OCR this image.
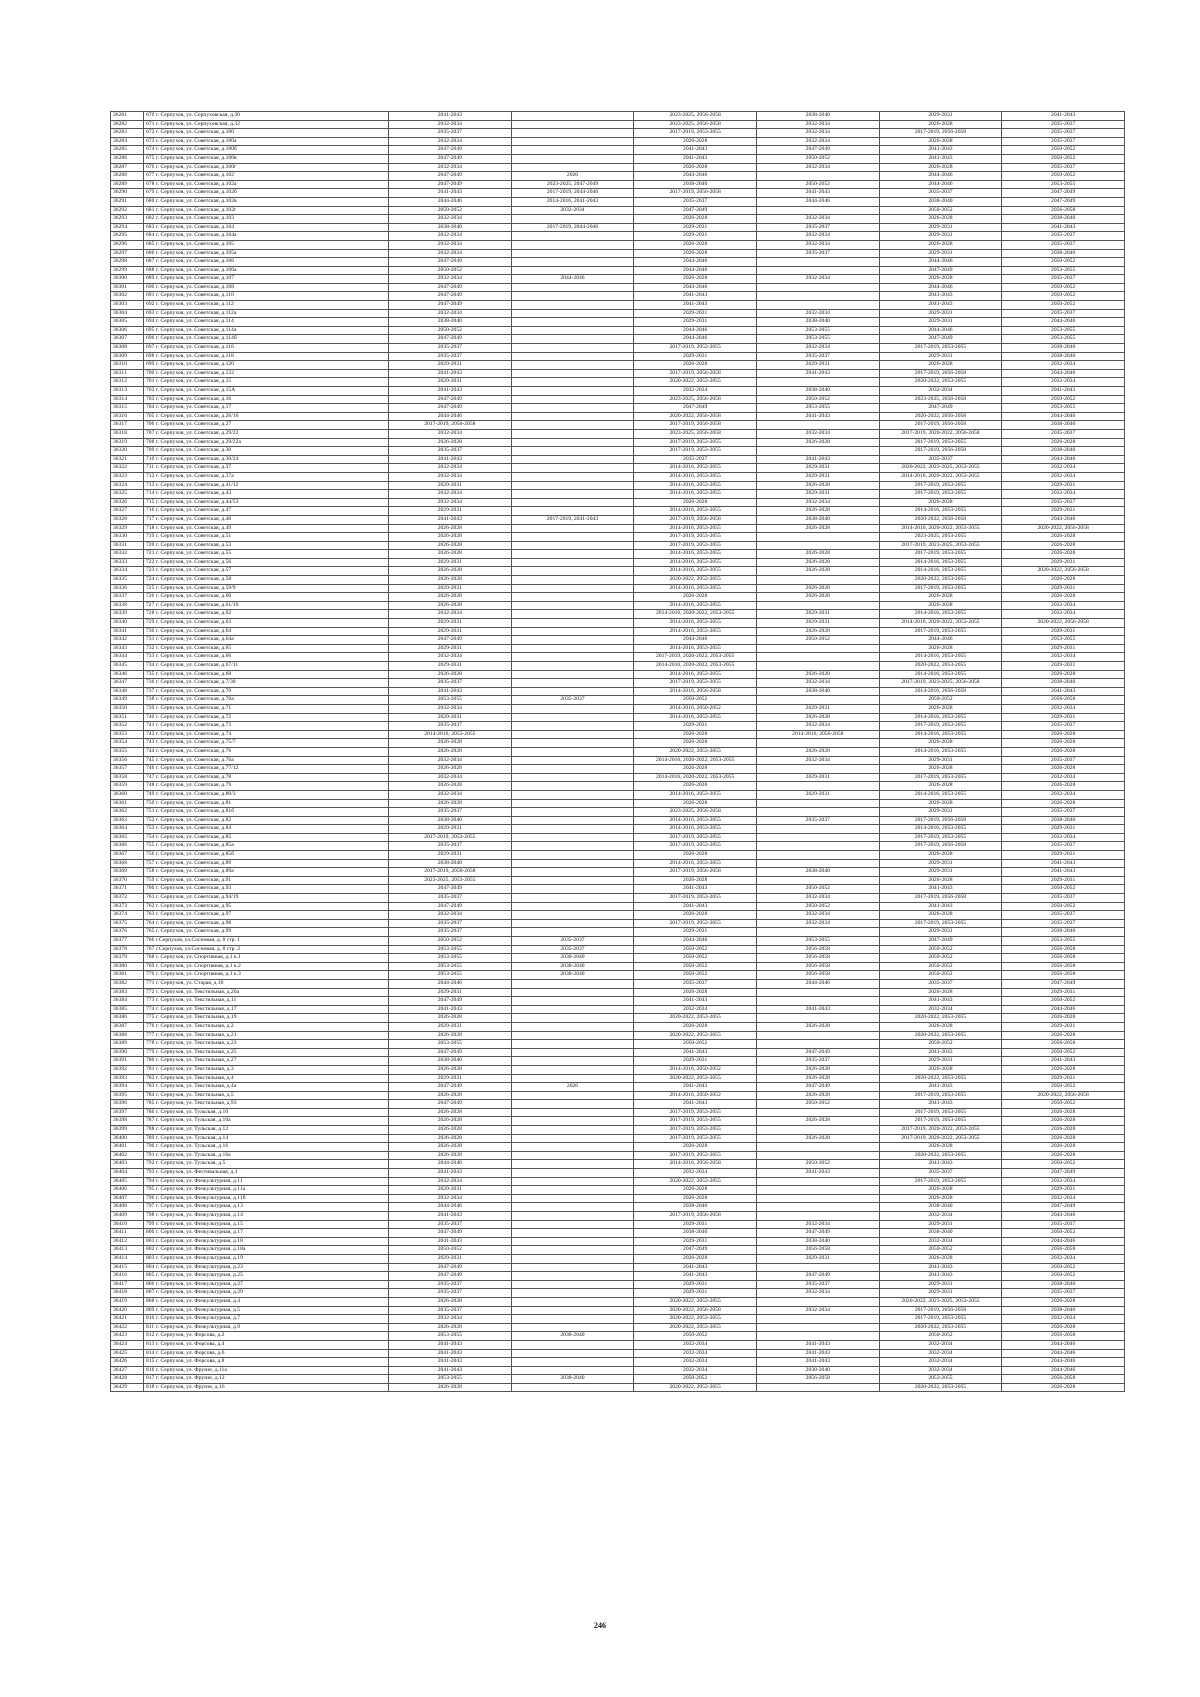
36281	670	г. Серпухов, ул. Серпуховская, д.30	2041-2043		2023-2025, 2056-2058	2038-2040	2029-2031	2041-2043
36282	671	г. Серпухов, ул. Серпуховская, д.32	2032-2034		2023-2025, 2056-2058	2032-2034	2026-2028	2035-2037
36283	672	г. Серпухов, ул. Советская, д.100	2035-2037		2017-2019, 2053-2055	2032-2034	2017-2019, 2056-2058	2035-2037
36284	673	г. Серпухов, ул. Советская, д.100а	2032-2034		2026-2028	2032-2034	2026-2028	2035-2037
36285	674	г. Серпухов, ул. Советская, д.100б	2047-2049		2041-2043	2047-2049	2041-2043	2050-2052
36286	675	г. Серпухов, ул. Советская, д.100в	2047-2049		2041-2043	2050-2052	2041-2043	2050-2052
36287	676	г. Серпухов, ул. Советская, д.100г	2032-2034		2026-2028	2032-2034	2026-2028	2035-2037
36288	677	г. Серпухов, ул. Советская, д.102	2047-2049	2026	2044-2046		2044-2046	2050-2052
36289	678	г. Серпухов, ул. Советская, д.102а	2047-2049	2023-2025, 2047-2049	2038-2040	2050-2052	2044-2046	2053-2055
36290	679	г. Серпухов, ул. Советская, д.102б	2041-2043	2017-2019, 2044-2046	2017-2019, 2056-2058	2041-2043	2035-2037	2047-2049
36291	680	г. Серпухов, ул. Советская, д.102в	2044-2046	2014-2016, 2041-2043	2035-2037	2044-2046	2038-2040	2047-2049
36292	681	г. Серпухов, ул. Советская, д.102г	2050-2052	2032-2034	2047-2049		2050-2052	2056-2058
36293	682	г. Серпухов, ул. Советская, д.103	2032-2034		2026-2028	2032-2034	2026-2028	2038-2040
36294	683	г. Серпухов, ул. Советская, д.104	2038-2040	2017-2019, 2044-2046	2029-2031	2035-2037	2029-2031	2041-2043
36295	684	г. Серпухов, ул. Советская, д.104а	2032-2034		2029-2031	2032-2034	2029-2031	2035-2037
36296	685	г. Серпухов, ул. Советская, д.105	2032-2034		2026-2028	2032-2034	2026-2028	2035-2037
36297	686	г. Серпухов, ул. Советская, д.105а	2032-2034		2026-2028	2035-2037	2029-2031	2038-2040
36298	687	г. Серпухов, ул. Советская, д.106	2047-2049		2044-2046		2044-2046	2050-2052
36299	688	г. Серпухов, ул. Советская, д.106а	2050-2052		2044-2046		2047-2049	2053-2055
36300	689	г. Серпухов, ул. Советская, д.107	2032-2034	2044-2046	2026-2028	2032-2034	2026-2028	2035-2037
36301	690	г. Серпухов, ул. Советская, д.108	2047-2049		2044-2046		2044-2046	2050-2052
36302	691	г. Серпухов, ул. Советская, д.110	2047-2049		2041-2043		2041-2043	2050-2052
36303	692	г. Серпухов, ул. Советская, д.112	2047-2049		2041-2043		2041-2043	2050-2052
36304	693	г. Серпухов, ул. Советская, д.112а	2032-2034		2029-2031	2032-2034	2029-2031	2035-2037
36305	694	г. Серпухов, ул. Советская, д.114	2038-2040		2029-2031	2038-2040	2029-2031	2044-2046
36306	695	г. Серпухов, ул. Советская, д.114а	2050-2052		2044-2046	2053-2055	2044-2046	2053-2055
36307	696	г. Серпухов, ул. Советская, д.114б	2047-2049		2044-2046	2053-2055	2047-2049	2053-2055
36308	697	г. Серпухов, ул. Советская, д.116	2035-2037		2017-2019, 2053-2055	2032-2034	2017-2019, 2053-2055	2038-2040
36309	698	г. Серпухов, ул. Советская, д.118	2035-2037		2029-2031	2035-2037	2029-2031	2038-2040
36310	699	г. Серпухов, ул. Советская, д.120	2029-2031		2026-2028	2029-2031	2026-2028	2032-2034
36311	700	г. Серпухов, ул. Советская, д.122	2041-2043		2017-2019, 2056-2058	2041-2043	2017-2019, 2056-2058	2044-2046
36312	701	г. Серпухов, ул. Советская, д.15	2029-2031		2020-2022, 2053-2055		2020-2022, 2053-2055	2032-2034
36313	702	г. Серпухов, ул. Советская, д.15А	2041-2043		2032-2034	2038-2040	2032-2034	2041-2043
36314	703	г. Серпухов, ул. Советская, д.16	2047-2049		2023-2025, 2056-2058	2050-2052	2023-2025, 2056-2058	2050-2052
36315	704	г. Серпухов, ул. Советская, д.17	2047-2049		2047-2049	2053-2055	2047-2049	2053-2055
36316	705	г. Серпухов, ул. Советская, д.26/16	2044-2046		2020-2022, 2056-2058	2041-2043	2020-2022, 2056-2058	2044-2046
36317	706	г. Серпухов, ул. Советская, д.27	2017-2019, 2056-2058		2017-2019, 2056-2058		2017-2019, 2056-2058	2038-2040
36318	707	г. Серпухов, ул. Советская, д.29/22	2032-2034		2023-2025, 2056-2058	2032-2034	2017-2019, 2020-2022, 2056-2058	2035-2037
36319	708	г. Серпухов, ул. Советская, д.29/22а	2026-2028		2017-2019, 2053-2055	2026-2028	2017-2019, 2053-2055	2026-2028
36320	709	г. Серпухов, ул. Советская, д.30	2035-2037		2017-2019, 2053-2055		2017-2019, 2056-2058	2038-2040
36321	710	г. Серпухов, ул. Советская, д.30/24	2041-2043		2035-2037	2041-2043	2035-2037	2044-2046
36322	711	г. Серпухов, ул. Советская, д.37	2032-2034		2014-2016, 2053-2055	2029-2031	2020-2022, 2023-2025, 2053-2055	2032-2034
36323	712	г. Серпухов, ул. Советская, д.37а	2032-2034		2014-2016, 2053-2055	2029-2031	2014-2016, 2020-2022, 2053-2055	2032-2034
36324	713	г. Серпухов, ул. Советская, д.41/12	2029-2031		2014-2016, 2053-2055	2026-2028	2017-2019, 2053-2055	2029-2031
36325	714	г. Серпухов, ул. Советская, д.43	2032-2034		2014-2016, 2053-2055	2029-2031	2017-2019, 2053-2055	2032-2034
36326	715	г. Серпухов, ул. Советская, д.44/53	2032-2034		2026-2028	2032-2034	2026-2028	2035-2037
36327	716	г. Серпухов, ул. Советская, д.47	2029-2031		2014-2016, 2053-2055	2026-2028	2014-2016, 2053-2055	2029-2031
36328	717	г. Серпухов, ул. Советская, д.48	2041-2043	2017-2019, 2041-2043	2017-2019, 2056-2058	2038-2040	2020-2022, 2056-2058	2044-2046
36329	718	г. Серпухов, ул. Советская, д.49	2026-2028		2014-2016, 2053-2055	2026-2028	2014-2016, 2020-2022, 2053-2055	2020-2022, 2056-2058
36330	719	г. Серпухов, ул. Советская, д.51	2026-2028		2017-2019, 2053-2055		2023-2025, 2053-2055	2026-2028
36331	720	г. Серпухов, ул. Советская, д.53	2026-2028		2017-2019, 2053-2055		2017-2019, 2023-2025, 2053-2055	2026-2028
36332	721	г. Серпухов, ул. Советская, д.55	2026-2028		2014-2016, 2053-2055	2026-2028	2017-2019, 2053-2055	2026-2028
36333	722	г. Серпухов, ул. Советская, д.56	2029-2031		2014-2016, 2053-2055	2026-2028	2014-2016, 2053-2055	2029-2031
36334	723	г. Серпухов, ул. Советская, д.57	2026-2028		2014-2016, 2053-2055	2026-2028	2014-2016, 2053-2055	2020-2022, 2056-2058
36335	724	г. Серпухов, ул. Советская, д.58	2026-2028		2020-2022, 2053-2055		2020-2022, 2053-2055	2026-2028
36336	725	г. Серпухов, ул. Советская, д.59/9	2029-2031		2014-2016, 2053-2055	2026-2028	2017-2019, 2053-2055	2029-2031
36337	726	г. Серпухов, ул. Советская, д.60	2026-2028		2026-2028	2026-2028	2026-2028	2026-2028
36338	727	г. Серпухов, ул. Советская, д.61/10	2026-2028		2014-2016, 2053-2055		2026-2028	2032-2034
36339	728	г. Серпухов, ул. Советская, д.62	2032-2034		2014-2016, 2020-2022, 2053-2055	2029-2031	2014-2016, 2053-2055	2032-2034
36340	729	г. Серпухов, ул. Советская, д.63	2029-2031		2014-2016, 2053-2055	2029-2031	2014-2016, 2020-2022, 2053-2055	2020-2022, 2056-2058
36341	730	г. Серпухов, ул. Советская, д.64	2029-2031		2014-2016, 2053-2055	2026-2028	2017-2019, 2053-2055	2029-2031
36342	731	г. Серпухов, ул. Советская, д.64а	2047-2049		2044-2046	2050-2052	2044-2046	2053-2055
36343	732	г. Серпухов, ул. Советская, д.65	2029-2031		2014-2016, 2053-2055		2026-2028	2029-2031
36344	733	г. Серпухов, ул. Советская, д.66	2032-2034		2017-2019, 2020-2022, 2053-2055		2014-2016, 2053-2055	2032-2034
36345	734	г. Серпухов, ул. Советская, д.67/11	2029-2031		2014-2016, 2020-2022, 2053-2055		2020-2022, 2053-2055	2029-2031
36346	735	г. Серпухов, ул. Советская, д.68	2026-2028		2014-2016, 2053-2055	2026-2028	2014-2016, 2053-2055	2026-2028
36347	736	г. Серпухов, ул. Советская, д.7/30	2035-2037		2017-2019, 2053-2055	2032-2034	2017-2019, 2023-2025, 2056-2058	2038-2040
36348	737	г. Серпухов, ул. Советская, д.70	2041-2043		2014-2016, 2056-2058	2038-2040	2014-2016, 2056-2058	2041-2043
36349	738	г. Серпухов, ул. Советская, д.70а	2053-2055	2035-2037	2050-2052		2050-2052	2056-2058
36350	739	г. Серпухов, ул. Советская, д.71	2032-2034		2014-2016, 2050-2052	2029-2031	2026-2028	2032-2034
36351	740	г. Серпухов, ул. Советская, д.72	2029-2031		2014-2016, 2053-2055	2026-2028	2014-2016, 2053-2055	2029-2031
36352	741	г. Серпухов, ул. Советская, д.73	2035-2037		2029-2031	2032-2034	2017-2019, 2053-2055	2035-2037
36353	742	г. Серпухов, ул. Советская, д.74	2014-2016, 2053-2055		2026-2028	2014-2016, 2056-2058	2014-2016, 2053-2055	2026-2028
36354	743	г. Серпухов, ул. Советская, д.75/7	2026-2028		2026-2028		2026-2028	2026-2028
36355	744	г. Серпухов, ул. Советская, д.76	2026-2028		2020-2022, 2053-2055	2026-2028	2014-2016, 2053-2055	2026-2028
36356	745	г. Серпухов, ул. Советская, д.76а	2032-2034		2014-2016, 2020-2022, 2053-2055	2032-2034	2029-2031	2035-2037
36357	746	г. Серпухов, ул. Советская, д.77/12	2026-2028		2026-2028		2026-2028	2026-2028
36358	747	г. Серпухов, ул. Советская, д.78	2032-2034		2014-2016, 2020-2022, 2053-2055	2029-2031	2017-2019, 2053-2055	2032-2034
36359	748	г. Серпухов, ул. Советская, д.79	2026-2028		2026-2028		2026-2028	2026-2028
36360	749	г. Серпухов, ул. Советская, д.80/3	2032-2034		2014-2016, 2053-2055	2029-2031	2014-2016, 2053-2055	2032-2034
36361	750	г. Серпухов, ул. Советская, д.81	2026-2028		2026-2028		2026-2028	2026-2028
36362	751	г. Серпухов, ул. Советская, д.81б	2035-2037		2023-2025, 2056-2058		2029-2031	2035-2037
36363	752	г. Серпухов, ул. Советская, д.82	2038-2040		2014-2016, 2053-2055	2035-2037	2017-2019, 2056-2058	2038-2040
36364	753	г. Серпухов, ул. Советская, д.84	2029-2031		2014-2016, 2053-2055		2014-2016, 2053-2055	2029-2031
36365	754	г. Серпухов, ул. Советская, д.85	2017-2019, 2053-2055		2017-2019, 2053-2055		2017-2019, 2053-2055	2032-2034
36366	755	г. Серпухов, ул. Советская, д.85а	2035-2037		2017-2019, 2053-2055		2017-2019, 2056-2058	2035-2037
36367	756	г. Серпухов, ул. Советская, д.85б	2029-2031		2026-2028		2026-2028	2029-2031
36368	757	г. Серпухов, ул. Советская, д.89	2038-2040		2014-2016, 2053-2055		2029-2031	2041-2043
36369	758	г. Серпухов, ул. Советская, д.89а	2017-2019, 2056-2058		2017-2019, 2056-2058	2038-2040	2029-2031	2041-2043
36370	759	г. Серпухов, ул. Советская, д.91	2023-2025, 2053-2055		2026-2028		2026-2028	2029-2031
36371	760	г. Серпухов, ул. Советская, д.93	2047-2049		2041-2043	2050-2052	2041-2043	2050-2052
36372	761	г. Серпухов, ул. Советская, д.94/19	2035-2037		2017-2019, 2053-2055	2032-2034	2017-2019, 2056-2058	2035-2037
36373	762	г. Серпухов, ул. Советская, д.95	2047-2049		2041-2043	2050-2052	2041-2043	2050-2052
36374	763	г. Серпухов, ул. Советская, д.97	2032-2034		2026-2028	2032-2034	2026-2028	2035-2037
36375	764	г. Серпухов, ул. Советская, д.98	2035-2037		2017-2019, 2053-2055	2032-2034	2017-2019, 2053-2055	2035-2037
36376	765	г. Серпухов, ул. Советская, д.99	2035-2037		2029-2031		2029-2031	2038-2040
36377	766	г.Серпухов, ул.Сосновая, д. 8 стр. 1	2050-2052	2035-2037	2044-2046	2053-2055	2047-2049	2053-2055
36378	767	г.Серпухов, ул.Сосновая, д. 8 стр. 2	2053-2055	2035-2037	2050-2052	2056-2058	2050-2052	2056-2058
36379	768	г. Серпухов, ул. Спортивная, д.1 к.1	2053-2055	2038-2040	2050-2052	2056-2058	2050-2052	2056-2058
36380	769	г. Серпухов, ул. Спортивная, д.1 к.2	2053-2055	2038-2040	2050-2052	2056-2058	2050-2052	2056-2058
36381	770	г. Серпухов, ул. Спортивная, д.1 к.3	2053-2055	2038-2040	2050-2052	2056-2058	2050-2052	2056-2058
36382	771	г. Серпухов, ул. Старая, д.10	2044-2046		2035-2037	2044-2046	2035-2037	2047-2049
36383	772	г. Серпухов, ул. Текстильная, д.26а	2029-2031		2026-2028		2026-2028	2029-2031
36384	773	г. Серпухов, ул. Текстильная, д.11	2047-2049		2041-2043		2041-2043	2050-2052
36385	774	г. Серпухов, ул. Текстильная, д.17	2041-2043		2032-2034	2041-2043	2032-2034	2044-2046
36386	775	г. Серпухов, ул. Текстильная, д.19	2026-2028		2020-2022, 2053-2055		2020-2022, 2053-2055	2026-2028
36387	776	г. Серпухов, ул. Текстильная, д.2	2029-2031		2026-2028	2026-2028	2026-2028	2029-2031
36388	777	г. Серпухов, ул. Текстильная, д.21	2026-2028		2020-2022, 2053-2055		2020-2022, 2053-2055	2026-2028
36389	778	г. Серпухов, ул. Текстильная, д.23	2053-2055		2050-2052		2050-2052	2056-2058
36390	779	г. Серпухов, ул. Текстильная, д.25	2047-2049		2041-2043	2047-2049	2041-2043	2050-2052
36391	780	г. Серпухов, ул. Текстильная, д.27	2038-2040		2029-2031	2035-2037	2029-2031	2041-2043
36392	781	г. Серпухов, ул. Текстильная, д.3	2026-2028		2014-2016, 2050-2052	2026-2028	2026-2028	2026-2028
36393	782	г. Серпухов, ул. Текстильная, д.4	2029-2031		2020-2022, 2053-2055	2026-2028	2020-2022, 2053-2055	2029-2031
36394	783	г. Серпухов, ул. Текстильная, д.4а	2047-2049	2026	2041-2043	2047-2049	2041-2043	2050-2052
36395	784	г. Серпухов, ул. Текстильная, д.5	2026-2028		2014-2016, 2050-2052	2026-2028	2017-2019, 2053-2055	2020-2022, 2056-2058
36396	785	г. Серпухов, ул. Текстильная, д.93	2047-2049		2041-2043	2050-2052	2041-2043	2050-2052
36397	786	г. Серпухов, ул. Тульская, д.10	2026-2028		2017-2019, 2053-2055		2017-2019, 2053-2055	2026-2028
36398	787	г. Серпухов, ул. Тульская, д.10а	2026-2028		2017-2019, 2053-2055	2026-2028	2017-2019, 2053-2055	2026-2028
36399	788	г. Серпухов, ул. Тульская, д.12	2026-2028		2017-2019, 2053-2055		2017-2019, 2020-2022, 2053-2055	2026-2028
36400	789	г. Серпухов, ул. Тульская, д.14	2026-2028		2017-2019, 2053-2055	2026-2028	2017-2019, 2020-2022, 2053-2055	2026-2028
36401	790	г. Серпухов, ул. Тульская, д.16	2026-2028		2026-2028		2026-2028	2026-2028
36402	791	г. Серпухов, ул. Тульская, д.16а	2026-2028		2017-2019, 2053-2055		2020-2022, 2053-2055	2026-2028
36403	792	г. Серпухов, ул. Тульская, д.5	2044-2046		2014-2016, 2056-2058	2050-2052	2041-2043	2050-2052
36404	793	г. Серпухов, ул. Фестивальная, д.1	2041-2043		2032-2034	2041-2043	2035-2037	2047-2049
36405	794	г. Серпухов, ул. Физкультурная, д.11	2032-2034		2020-2022, 2053-2055		2017-2019, 2053-2055	2032-2034
36406	795	г. Серпухов, ул. Физкультурная, д.11а	2029-2031		2026-2028		2026-2028	2029-2031
36407	796	г. Серпухов, ул. Физкультурная, д.11б	2032-2034		2026-2028		2026-2028	2032-2034
36408	797	г. Серпухов, ул. Физкультурная, д.13	2044-2046		2038-2040		2038-2040	2047-2049
36409	798	г. Серпухов, ул. Физкультурная, д.14	2041-2043		2017-2019, 2056-2058		2032-2034	2044-2046
36410	799	г. Серпухов, ул. Физкультурная, д.15	2035-2037		2029-2031	2032-2034	2029-2031	2035-2037
36411	800	г. Серпухов, ул. Физкультурная, д.17	2047-2049		2038-2040	2047-2049	2038-2040	2050-2052
36412	801	г. Серпухов, ул. Физкультурная, д.18	2041-2043		2029-2031	2038-2040	2032-2034	2044-2046
36413	802	г. Серпухов, ул. Физкультурная, д.18а	2050-2052		2047-2049	2056-2058	2050-2052	2056-2058
36414	803	г. Серпухов, ул. Физкультурная, д.19	2029-2031		2026-2028	2029-2031	2026-2028	2032-2034
36415	804	г. Серпухов, ул. Физкультурная, д.23	2047-2049		2041-2043		2041-2043	2050-2052
36416	805	г. Серпухов, ул. Физкультурная, д.25	2047-2049		2041-2043	2047-2049	2041-2043	2050-2052
36417	806	г. Серпухов, ул. Физкультурная, д.27	2035-2037		2029-2031	2035-2037	2029-2031	2038-2040
36418	807	г. Серпухов, ул. Физкультурная, д.29	2035-2037		2029-2031	2032-2034	2029-2031	2035-2037
36419	808	г. Серпухов, ул. Физкультурная, д.4	2026-2028		2020-2022, 2053-2055		2020-2022, 2023-2025, 2053-2055	2026-2028
36420	809	г. Серпухов, ул. Физкультурная, д.5	2035-2037		2020-2022, 2056-2058	2032-2034	2017-2019, 2056-2058	2038-2040
36421	810	г. Серпухов, ул. Физкультурная, д.7	2032-2034		2020-2022, 2053-2055		2017-2019, 2053-2055	2032-2034
36422	811	г. Серпухов, ул. Физкультурная, д.9	2026-2028		2020-2022, 2053-2055		2020-2022, 2053-2055	2026-2028
36423	812	г. Серпухов, ул. Форсова, д.2	2053-2055	2038-2040	2050-2052		2050-2052	2056-2058
36424	813	г. Серпухов, ул. Форсова, д.4	2041-2043		2032-2034	2041-2043	2032-2034	2044-2046
36425	814	г. Серпухов, ул. Форсова, д.6	2041-2043		2032-2034	2041-2043	2032-2034	2044-2046
36426	815	г. Серпухов, ул. Форсова, д.8	2041-2043		2032-2034	2041-2043	2032-2034	2044-2046
36427	816	г. Серпухов, ул. Фрунзе, д.11а	2041-2043		2032-2034	2038-2040	2032-2034	2044-2046
36428	817	г. Серпухов, ул. Фрунзе, д.12	2053-2055	2038-2040	2050-2052	2056-2058	2053-2055	2056-2058
36429	818	г. Серпухов, ул. Фрунзе, д.16	2026-2028		2020-2022, 2053-2055		2020-2022, 2053-2055	2026-2028
246
